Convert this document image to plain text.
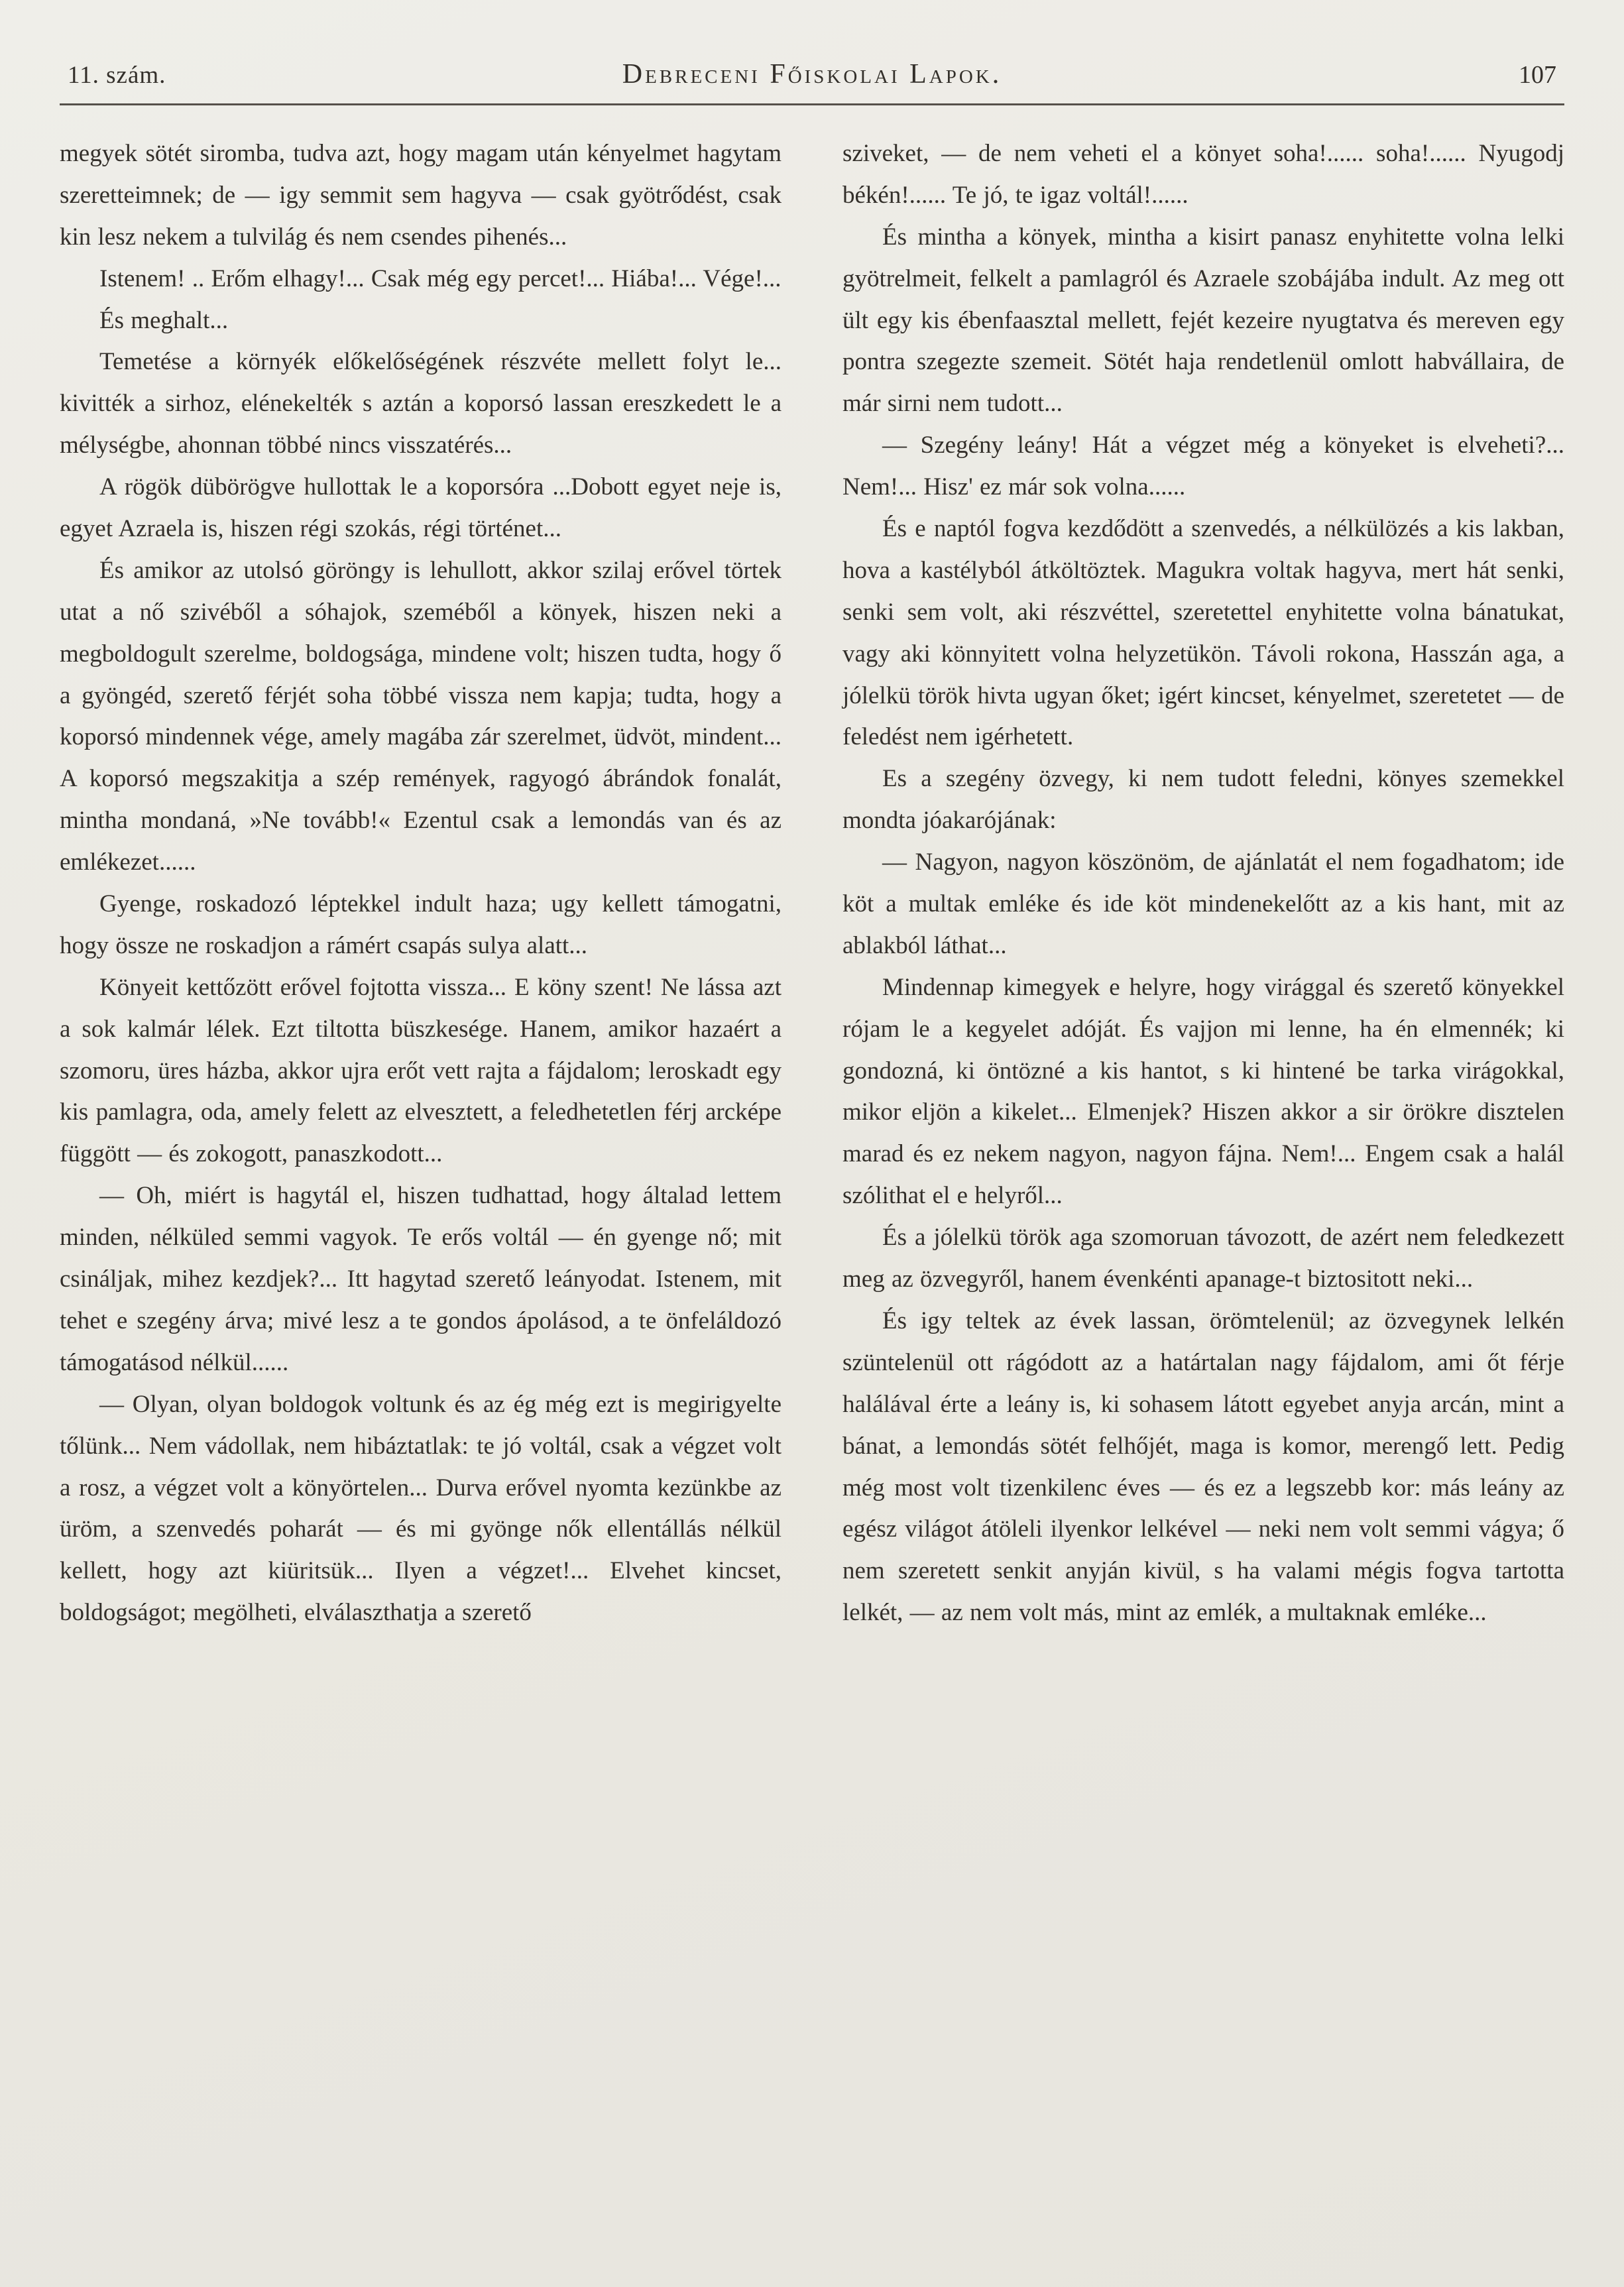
11. szám.	Debreceni Főiskolai Lapok.	107

megyek sötét siromba, tudva azt, hogy magam után kényelmet hagytam szeretteimnek; de — igy semmit sem hagyva — csak gyötrődést, csak kin lesz nekem a tulvilág és nem csendes pihenés...

Istenem! .. Erőm elhagy!... Csak még egy percet!... Hiába!... Vége!...

És meghalt...

Temetése a környék előkelőségének részvéte mellett folyt le... kivitték a sirhoz, elénekelték s aztán a koporsó lassan ereszkedett le a mélységbe, ahonnan többé nincs visszatérés...

A rögök dübörögve hullottak le a koporsóra ...Dobott egyet neje is, egyet Azraela is, hiszen régi szokás, régi történet...

És amikor az utolsó göröngy is lehullott, akkor szilaj erővel törtek utat a nő szivéből a sóhajok, szeméből a könyek, hiszen neki a megboldogult szerelme, boldogsága, mindene volt; hiszen tudta, hogy ő a gyöngéd, szerető férjét soha többé vissza nem kapja; tudta, hogy a koporsó mindennek vége, amely magába zár szerelmet, üdvöt, mindent... A koporsó megszakitja a szép remények, ragyogó ábrándok fonalát, mintha mondaná, »Ne tovább!« Ezentul csak a lemondás van és az emlékezet......

Gyenge, roskadozó léptekkel indult haza; ugy kellett támogatni, hogy össze ne roskadjon a rámért csapás sulya alatt...

Könyeit kettőzött erővel fojtotta vissza... E köny szent! Ne lássa azt a sok kalmár lélek. Ezt tiltotta büszkesége. Hanem, amikor hazaért a szomoru, üres házba, akkor ujra erőt vett rajta a fájdalom; leroskadt egy kis pamlagra, oda, amely felett az elvesztett, a feledhetetlen férj arcképe függött — és zokogott, panaszkodott...

— Oh, miért is hagytál el, hiszen tudhattad, hogy általad lettem minden, nélküled semmi vagyok. Te erős voltál — én gyenge nő; mit csináljak, mihez kezdjek?... Itt hagytad szerető leányodat. Istenem, mit tehet e szegény árva; mivé lesz a te gondos ápolásod, a te önfeláldozó támogatásod nélkül......

— Olyan, olyan boldogok voltunk és az ég még ezt is megirigyelte tőlünk... Nem vádollak, nem hibáztatlak: te jó voltál, csak a végzet volt a rosz, a végzet volt a könyörtelen... Durva erővel nyomta kezünkbe az üröm, a szenvedés poharát — és mi gyönge nők ellentállás nélkül kellett, hogy azt kiüritsük... Ilyen a végzet!... Elvehet kincset, boldogságot; megölheti, elválaszthatja a szerető

sziveket, — de nem veheti el a könyet soha!...... soha!...... Nyugodj békén!...... Te jó, te igaz voltál!......

És mintha a könyek, mintha a kisirt panasz enyhitette volna lelki gyötrelmeit, felkelt a pamlagról és Azraele szobájába indult. Az meg ott ült egy kis ébenfaasztal mellett, fejét kezeire nyugtatva és mereven egy pontra szegezte szemeit. Sötét haja rendetlenül omlott habvállaira, de már sirni nem tudott...

— Szegény leány! Hát a végzet még a könyeket is elveheti?... Nem!... Hisz' ez már sok volna......

És e naptól fogva kezdődött a szenvedés, a nélkülözés a kis lakban, hova a kastélyból átköltöztek. Magukra voltak hagyva, mert hát senki, senki sem volt, aki részvéttel, szeretettel enyhitette volna bánatukat, vagy aki könnyitett volna helyzetükön. Távoli rokona, Hasszán aga, a jólelkü török hivta ugyan őket; igért kincset, kényelmet, szeretetet — de feledést nem igérhetett.

Es a szegény özvegy, ki nem tudott feledni, könyes szemekkel mondta jóakarójának:

— Nagyon, nagyon köszönöm, de ajánlatát el nem fogadhatom; ide köt a multak emléke és ide köt mindenekelőtt az a kis hant, mit az ablakból láthat...

Mindennap kimegyek e helyre, hogy virággal és szerető könyekkel rójam le a kegyelet adóját. És vajjon mi lenne, ha én elmennék; ki gondozná, ki öntözné a kis hantot, s ki hintené be tarka virágokkal, mikor eljön a kikelet... Elmenjek? Hiszen akkor a sir örökre disztelen marad és ez nekem nagyon, nagyon fájna. Nem!... Engem csak a halál szólithat el e helyről...

És a jólelkü török aga szomoruan távozott, de azért nem feledkezett meg az özvegyről, hanem évenkénti apanage-t biztositott neki...

És igy teltek az évek lassan, örömtelenül; az özvegynek lelkén szüntelenül ott rágódott az a határtalan nagy fájdalom, ami őt férje halálával érte a leány is, ki sohasem látott egyebet anyja arcán, mint a bánat, a lemondás sötét felhőjét, maga is komor, merengő lett. Pedig még most volt tizenkilenc éves — és ez a legszebb kor: más leány az egész világot átöleli ilyenkor lelkével — neki nem volt semmi vágya; ő nem szeretett senkit anyján kivül, s ha valami mégis fogva tartotta lelkét, — az nem volt más, mint az emlék, a multaknak emléke...
